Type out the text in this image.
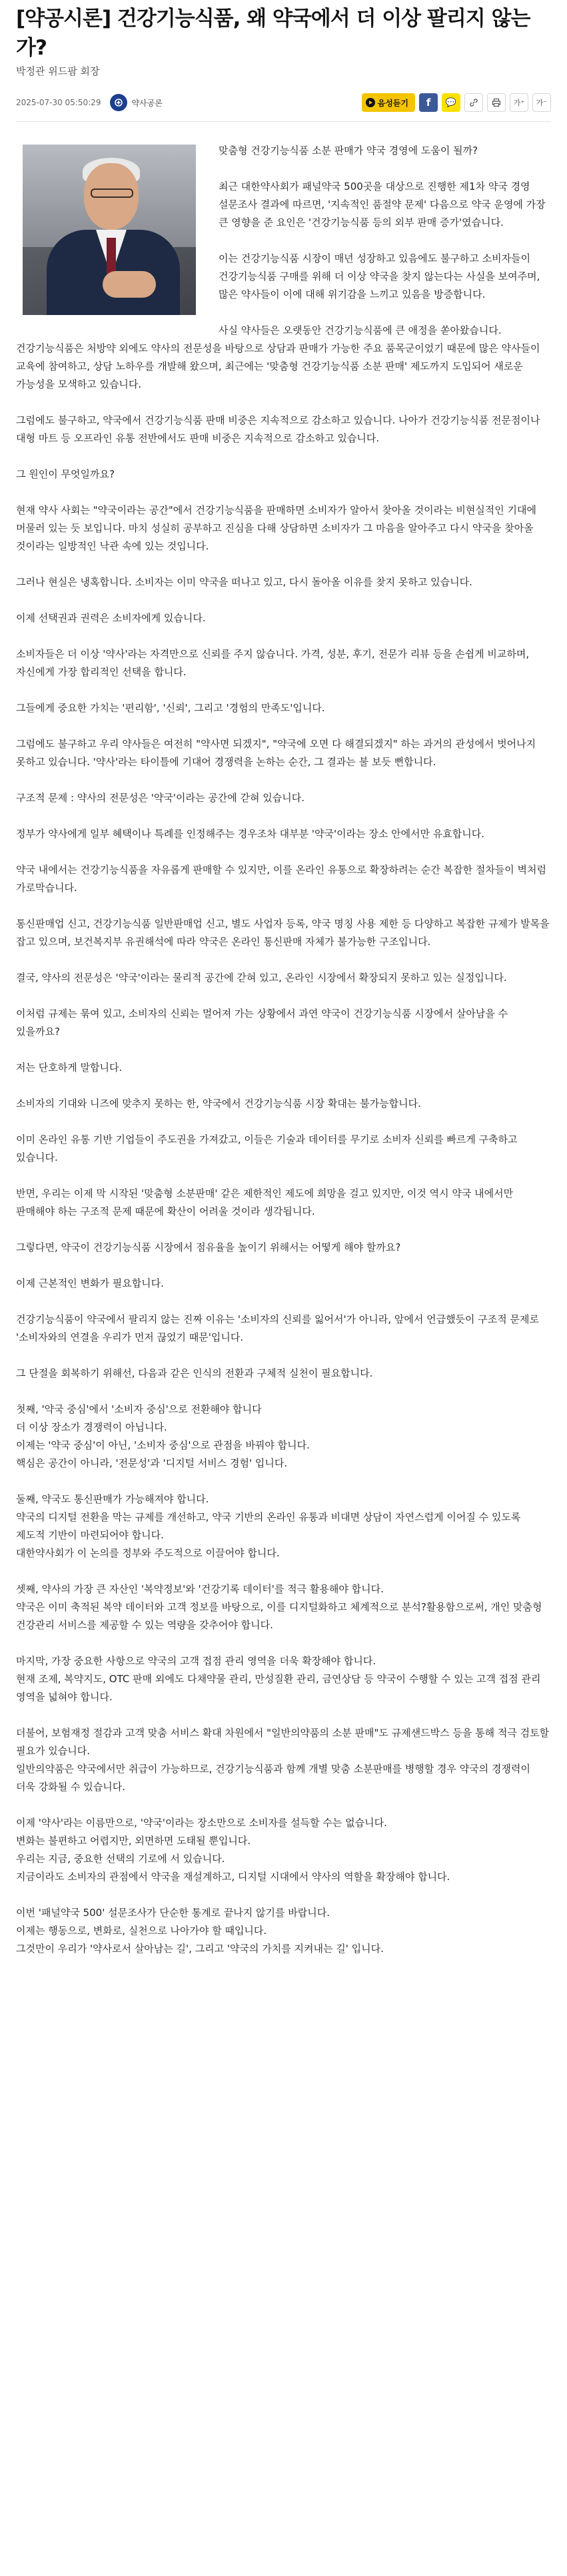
[약공시론] 건강기능식품, 왜 약국에서 더 이상 팔리지 않는가?
박정관 위드팜 회장
2025-07-30 05:50:29	약사공론	음성듣기	f	💬	가⁺	가⁻

맞춤형 건강기능식품 소분 판매가 약국 경영에 도움이 될까?

최근 대한약사회가 패널약국 500곳을 대상으로 진행한 제1차 약국 경영 설문조사 결과에 따르면, '지속적인 품절약 문제' 다음으로 약국 운영에 가장 큰 영향을 준 요인은 '건강기능식품 등의 외부 판매 증가'였습니다.

이는 건강기능식품 시장이 매년 성장하고 있음에도 불구하고 소비자들이 건강기능식품 구매를 위해 더 이상 약국을 찾지 않는다는 사실을 보여주며, 많은 약사들이 이에 대해 위기감을 느끼고 있음을 방증합니다.

사실 약사들은 오랫동안 건강기능식품에 큰 애정을 쏟아왔습니다. 건강기능식품은 처방약 외에도 약사의 전문성을 바탕으로 상담과 판매가 가능한 주요 품목군이었기 때문에 많은 약사들이 교육에 참여하고, 상담 노하우를 개발해 왔으며, 최근에는 '맞춤형 건강기능식품 소분 판매' 제도까지 도입되어 새로운 가능성을 모색하고 있습니다.

그럼에도 불구하고, 약국에서 건강기능식품 판매 비중은 지속적으로 감소하고 있습니다. 나아가 건강기능식품 전문점이나 대형 마트 등 오프라인 유통 전반에서도 판매 비중은 지속적으로 감소하고 있습니다.

그 원인이 무엇일까요?

현재 약사 사회는 "약국이라는 공간"에서 건강기능식품을 판매하면 소비자가 알아서 찾아올 것이라는 비현실적인 기대에 머물러 있는 듯 보입니다. 마치 성실히 공부하고 진심을 다해 상담하면 소비자가 그 마음을 알아주고 다시 약국을 찾아올 것이라는 일방적인 낙관 속에 있는 것입니다.

그러나 현실은 냉혹합니다. 소비자는 이미 약국을 떠나고 있고, 다시 돌아올 이유를 찾지 못하고 있습니다.

이제 선택권과 권력은 소비자에게 있습니다.

소비자들은 더 이상 '약사'라는 자격만으로 신뢰를 주지 않습니다. 가격, 성분, 후기, 전문가 리뷰 등을 손쉽게 비교하며, 자신에게 가장 합리적인 선택을 합니다.

그들에게 중요한 가치는 '편리함', '신뢰', 그리고 '경험의 만족도'입니다.

그럼에도 불구하고 우리 약사들은 여전히 "약사면 되겠지", "약국에 오면 다 해결되겠지" 하는 과거의 관성에서 벗어나지 못하고 있습니다. '약사'라는 타이틀에 기대어 경쟁력을 논하는 순간, 그 결과는 불 보듯 뻔합니다.

구조적 문제 : 약사의 전문성은 '약국'이라는 공간에 갇혀 있습니다.

정부가 약사에게 일부 혜택이나 특례를 인정해주는 경우조차 대부분 '약국'이라는 장소 안에서만 유효합니다.

약국 내에서는 건강기능식품을 자유롭게 판매할 수 있지만, 이를 온라인 유통으로 확장하려는 순간 복잡한 절차들이 벽처럼 가로막습니다.

통신판매업 신고, 건강기능식품 일반판매업 신고, 별도 사업자 등록, 약국 명칭 사용 제한 등 다양하고 복잡한 규제가 발목을 잡고 있으며, 보건복지부 유권해석에 따라 약국은 온라인 통신판매 자체가 불가능한 구조입니다.

결국, 약사의 전문성은 '약국'이라는 물리적 공간에 갇혀 있고, 온라인 시장에서 확장되지 못하고 있는 실정입니다.

이처럼 규제는 묶여 있고, 소비자의 신뢰는 멀어져 가는 상황에서 과연 약국이 건강기능식품 시장에서 살아남을 수 있을까요?

저는 단호하게 말합니다.

소비자의 기대와 니즈에 맞추지 못하는 한, 약국에서 건강기능식품 시장 확대는 불가능합니다.

이미 온라인 유통 기반 기업들이 주도권을 가져갔고, 이들은 기술과 데이터를 무기로 소비자 신뢰를 빠르게 구축하고 있습니다.

반면, 우리는 이제 막 시작된 '맞춤형 소분판매' 같은 제한적인 제도에 희망을 걸고 있지만, 이것 역시 약국 내에서만 판매해야 하는 구조적 문제 때문에 확산이 어려울 것이라 생각됩니다.

그렇다면, 약국이 건강기능식품 시장에서 점유율을 높이기 위해서는 어떻게 해야 할까요?

이제 근본적인 변화가 필요합니다.

건강기능식품이 약국에서 팔리지 않는 진짜 이유는 '소비자의 신뢰를 잃어서'가 아니라, 앞에서 언급했듯이 구조적 문제로 '소비자와의 연결을 우리가 먼저 끊었기 때문'입니다.

그 단절을 회복하기 위해선, 다음과 같은 인식의 전환과 구체적 실천이 필요합니다.

첫째, '약국 중심'에서 '소비자 중심'으로 전환해야 합니다
더 이상 장소가 경쟁력이 아닙니다.
이제는 '약국 중심'이 아닌, '소비자 중심'으로 관점을 바꿔야 합니다.
핵심은 공간이 아니라, '전문성'과 '디지털 서비스 경험' 입니다.

둘째, 약국도 통신판매가 가능해져야 합니다.
약국의 디지털 전환을 막는 규제를 개선하고, 약국 기반의 온라인 유통과 비대면 상담이 자연스럽게 이어질 수 있도록 제도적 기반이 마련되어야 합니다.
대한약사회가 이 논의를 정부와 주도적으로 이끌어야 합니다.

셋째, 약사의 가장 큰 자산인 '복약정보'와 '건강기록 데이터'를 적극 활용해야 합니다.
약국은 이미 축적된 복약 데이터와 고객 정보를 바탕으로, 이를 디지털화하고 체계적으로 분석?활용함으로써, 개인 맞춤형 건강관리 서비스를 제공할 수 있는 역량을 갖추어야 합니다.

마지막, 가장 중요한 사항으로 약국의 고객 접점 관리 영역을 더욱 확장해야 합니다.
현재 조제, 복약지도, OTC 판매 외에도 다채약물 관리, 만성질환 관리, 금연상담 등 약국이 수행할 수 있는 고객 접점 관리 영역을 넓혀야 합니다.

더불어, 보험재정 절감과 고객 맞춤 서비스 확대 차원에서 "일반의약품의 소분 판매"도 규제샌드박스 등을 통해 적극 검토할 필요가 있습니다.
일반의약품은 약국에서만 취급이 가능하므로, 건강기능식품과 함께 개별 맞춤 소분판매를 병행할 경우 약국의 경쟁력이 더욱 강화될 수 있습니다.

이제 '약사'라는 이름만으로, '약국'이라는 장소만으로 소비자를 설득할 수는 없습니다.
변화는 불편하고 어렵지만, 외면하면 도태될 뿐입니다.
우리는 지금, 중요한 선택의 기로에 서 있습니다.
지금이라도 소비자의 관점에서 약국을 재설계하고, 디지털 시대에서 약사의 역할을 확장해야 합니다.

이번 '패널약국 500' 설문조사가 단순한 통계로 끝나지 않기를 바랍니다.
이제는 행동으로, 변화로, 실천으로 나아가야 할 때입니다.
그것만이 우리가 '약사로서 살아남는 길', 그리고 '약국의 가치를 지켜내는 길' 입니다.
